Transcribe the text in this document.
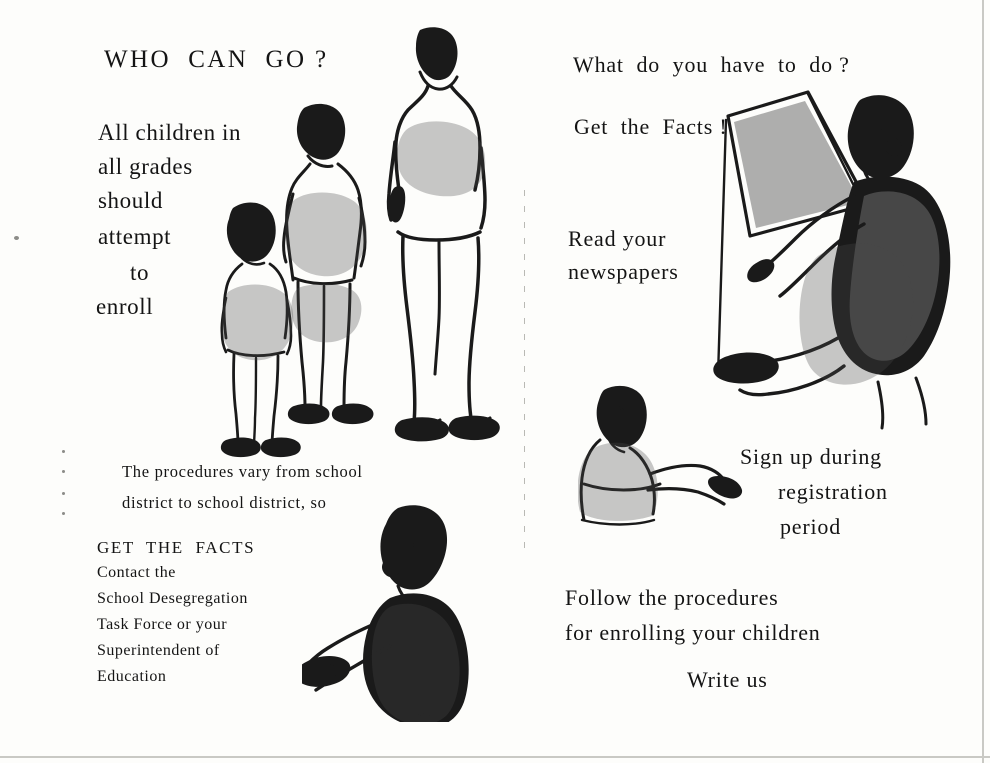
WHO  CAN  GO ?
All children in
all grades
should
attempt
to
enroll
The procedures vary from school
district to school district, so
GET  THE  FACTS
Contact the
School Desegregation
Task Force or your
Superintendent of
Education
What  do  you  have  to  do ?
Get  the  Facts !
Read your
newspapers
Sign up during
registration
period
Follow the procedures
for enrolling your children
Write us
